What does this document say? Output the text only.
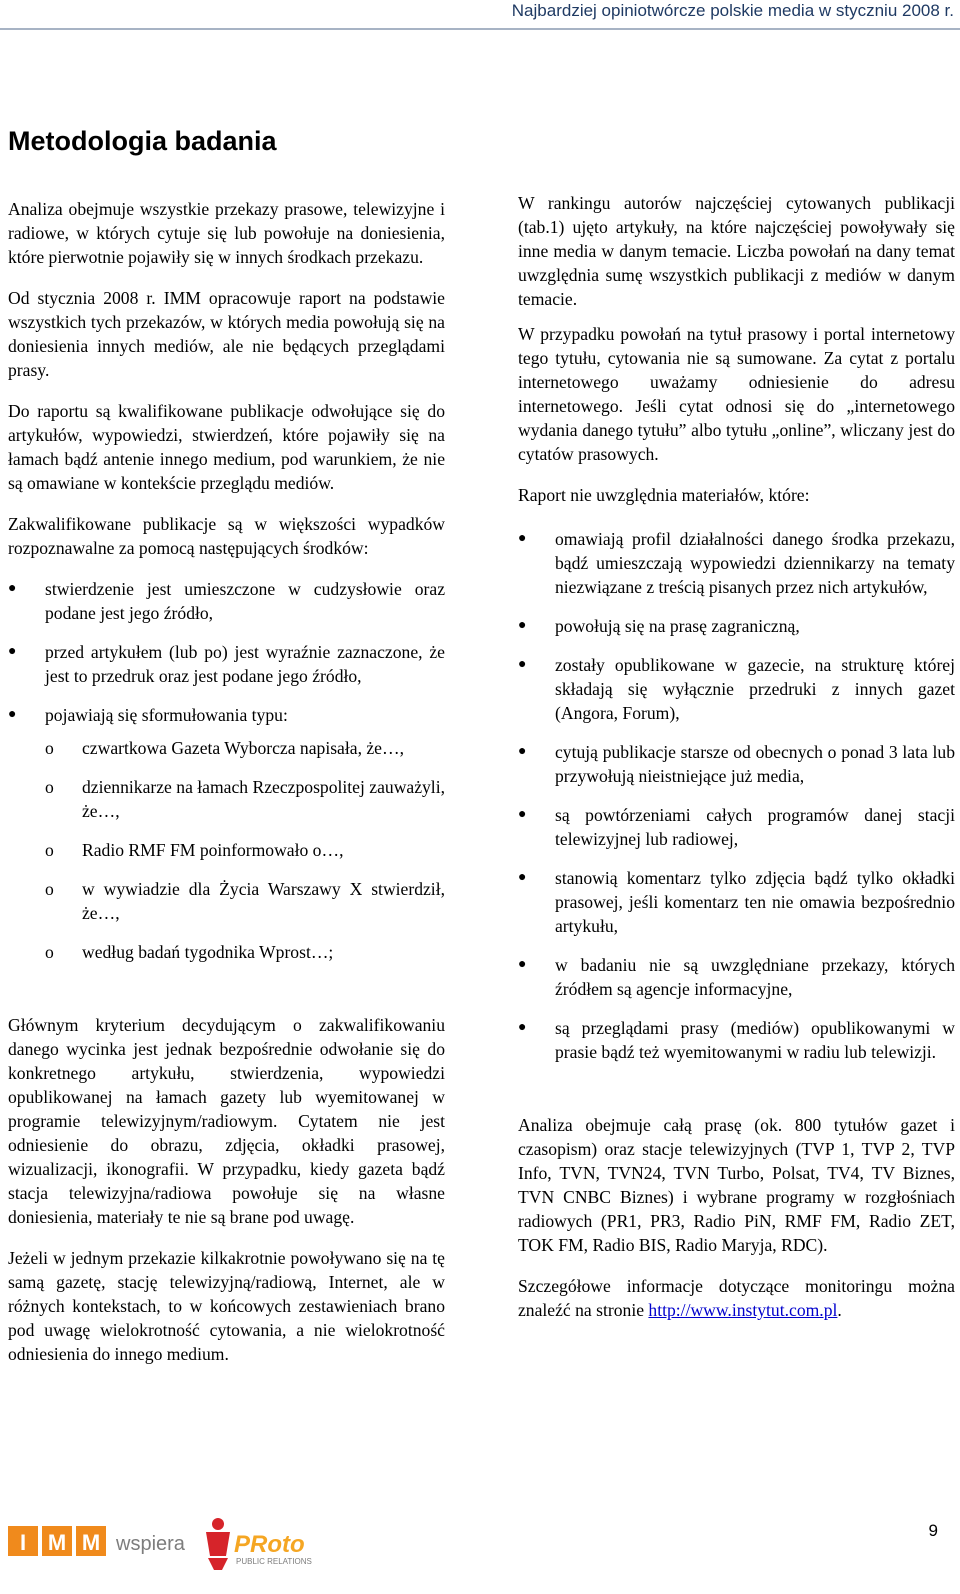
Najbardziej opiniotwórcze polskie media w styczniu 2008 r.
Metodologia badania

Analiza obejmuje wszystkie przekazy prasowe, telewizyjne i radiowe, w których cytuje się lub powołuje na doniesienia, które pierwotnie pojawiły się w innych środkach przekazu.

Od stycznia 2008 r. IMM opracowuje raport na podstawie wszystkich tych przekazów, w których media powołują się na doniesienia innych mediów, ale nie będących przeglądami prasy.

Do raportu są kwalifikowane publikacje odwołujące się do artykułów, wypowiedzi, stwierdzeń, które pojawiły się na łamach bądź antenie innego medium, pod warunkiem, że nie są omawiane w kontekście przeglądu mediów.

Zakwalifikowane publikacje są w większości wypadków rozpoznawalne za pomocą następujących środków:

●	stwierdzenie jest umieszczone w cudzysłowie oraz podane jest jego źródło,
●	przed artykułem (lub po) jest wyraźnie zaznaczone, że jest to przedruk oraz jest podane jego źródło,
●	pojawiają się sformułowania typu:
o czwartkowa Gazeta Wyborcza napisała, że…,
o dziennikarze na łamach Rzeczpospolitej zauważyli, że…,
o Radio RMF FM poinformowało o…,
o w wywiadzie dla Życia Warszawy X stwierdził, że…,
o według badań tygodnika Wprost…;

Głównym kryterium decydującym o zakwalifikowaniu danego wycinka jest jednak bezpośrednie odwołanie się do konkretnego artykułu, stwierdzenia, wypowiedzi opublikowanej na łamach gazety lub wyemitowanej w programie telewizyjnym/radiowym. Cytatem nie jest odniesienie do obrazu, zdjęcia, okładki prasowej, wizualizacji, ikonografii. W przypadku, kiedy gazeta bądź stacja telewizyjna/radiowa powołuje się na własne doniesienia, materiały te nie są brane pod uwagę.

Jeżeli w jednym przekazie kilkakrotnie powoływano się na tę samą gazetę, stację telewizyjną/radiową, Internet, ale w różnych kontekstach, to w końcowych zestawieniach brano pod uwagę wielokrotność cytowania, a nie wielokrotność odniesienia do innego medium.

W rankingu autorów najczęściej cytowanych publikacji (tab.1) ujęto artykuły, na które najczęściej powoływały się inne media w danym temacie. Liczba powołań na dany temat uwzględnia sumę wszystkich publikacji z mediów w danym temacie.

W przypadku powołań na tytuł prasowy i portal internetowy tego tytułu, cytowania nie są sumowane. Za cytat z portalu internetowego uważamy odniesienie do adresu internetowego. Jeśli cytat odnosi się do „internetowego wydania danego tytułu” albo tytułu „online”, wliczany jest do cytatów prasowych.

Raport nie uwzględnia materiałów, które:

●	omawiają profil działalności danego środka przekazu, bądź umieszczają wypowiedzi dziennikarzy na tematy niezwiązane z treścią pisanych przez nich artykułów,
●	powołują się na prasę zagraniczną,
●	zostały opublikowane w gazecie, na strukturę której składają się wyłącznie przedruki z innych gazet (Angora, Forum),
●	cytują publikacje starsze od obecnych o ponad 3 lata lub przywołują nieistniejące już media,
●	są powtórzeniami całych programów danej stacji telewizyjnej lub radiowej,
●	stanowią komentarz tylko zdjęcia bądź tylko okładki prasowej, jeśli komentarz ten nie omawia bezpośrednio artykułu,
●	w badaniu nie są uwzględniane przekazy, których źródłem są agencje informacyjne,
●	są przeglądami prasy (mediów) opublikowanymi w prasie bądź też wyemitowanymi w radiu lub telewizji.

Analiza obejmuje całą prasę (ok. 800 tytułów gazet i czasopism) oraz stacje telewizyjnych (TVP 1, TVP 2, TVP Info, TVN, TVN24, TVN Turbo, Polsat, TV4, TV Biznes, TVN CNBC Biznes) i wybrane programy w rozgłośniach radiowych (PR1, PR3, Radio PiN, RMF FM, Radio ZET, TOK FM, Radio BIS, Radio Maryja, RDC).

Szczegółowe informacje dotyczące monitoringu można znaleźć na stronie http://www.instytut.com.pl.

I M M wspiera PRoto
PUBLIC RELATIONS
9
